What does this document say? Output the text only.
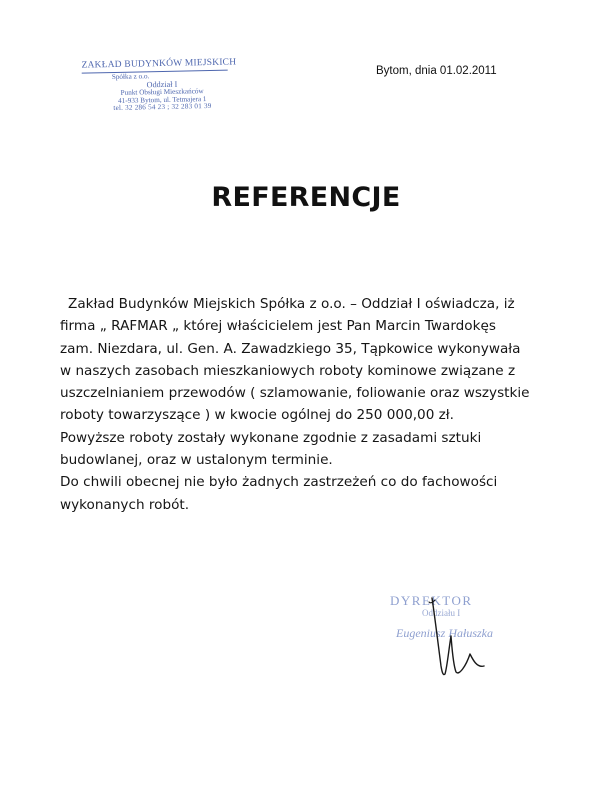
ZAKŁAD BUDYNKÓW MIEJSKICH
Spółka z o.o.
Oddział I
Punkt Obsługi Mieszkańców
41-933 Bytom, ul. Tetmajera 1
tel. 32 286 54 23 ; 32 283 01 39
Bytom, dnia 01.02.2011
REFERENCJE
Zakład Budynków Miejskich Spółka z o.o. – Oddział I oświadcza, iż
firma „ RAFMAR „ której właścicielem jest Pan Marcin Twardokęs
zam. Niezdara, ul. Gen. A. Zawadzkiego 35, Tąpkowice wykonywała
w naszych zasobach mieszkaniowych roboty kominowe związane z
uszczelnianiem przewodów ( szlamowanie, foliowanie oraz wszystkie
roboty towarzyszące ) w kwocie ogólnej do 250 000,00 zł.
Powyższe roboty zostały wykonane zgodnie z zasadami sztuki
budowlanej, oraz w ustalonym terminie.
Do chwili obecnej nie było żadnych zastrzeżeń co do fachowości
wykonanych robót.
DYREKTOR
Oddziału I
Eugeniusz Hałuszka
